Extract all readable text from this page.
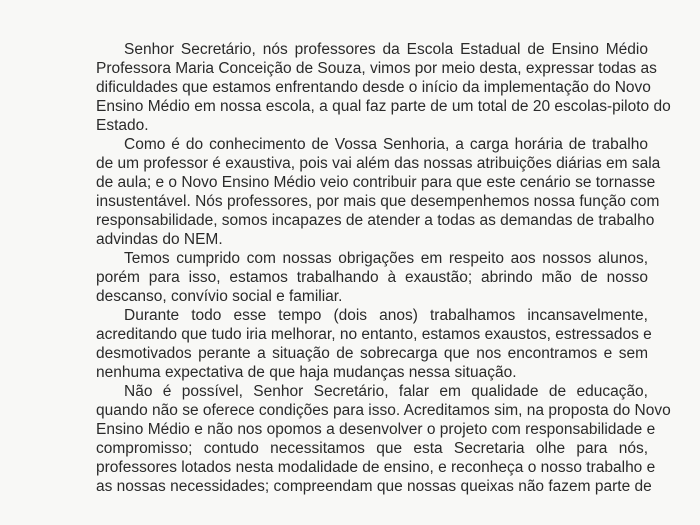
Senhor Secretário, nós professores da Escola Estadual de Ensino Médio
Professora Maria Conceição de Souza, vimos por meio desta, expressar todas as
dificuldades que estamos enfrentando desde o início da implementação do Novo
Ensino Médio em nossa escola, a qual faz parte de um total de 20 escolas-piloto do
Estado.
Como é do conhecimento de Vossa Senhoria, a carga horária de trabalho
de um professor é exaustiva, pois vai além das nossas atribuições diárias em sala
de aula; e o Novo Ensino Médio veio contribuir para que este cenário se tornasse
insustentável. Nós professores, por mais que desempenhemos nossa função com
responsabilidade, somos incapazes de atender a todas as demandas de trabalho
advindas do NEM.
Temos cumprido com nossas obrigações em respeito aos nossos alunos,
porém para isso, estamos trabalhando à exaustão; abrindo mão de nosso
descanso, convívio social e familiar.
Durante todo esse tempo (dois anos) trabalhamos incansavelmente,
acreditando que tudo iria melhorar, no entanto, estamos exaustos, estressados e
desmotivados perante a situação de sobrecarga que nos encontramos e sem
nenhuma expectativa de que haja mudanças nessa situação.
Não é possível, Senhor Secretário, falar em qualidade de educação,
quando não se oferece condições para isso. Acreditamos sim, na proposta do Novo
Ensino Médio e não nos opomos a desenvolver o projeto com responsabilidade e
compromisso; contudo necessitamos que esta Secretaria olhe para nós,
professores lotados nesta modalidade de ensino, e reconheça o nosso trabalho e
as nossas necessidades; compreendam que nossas queixas não fazem parte de
